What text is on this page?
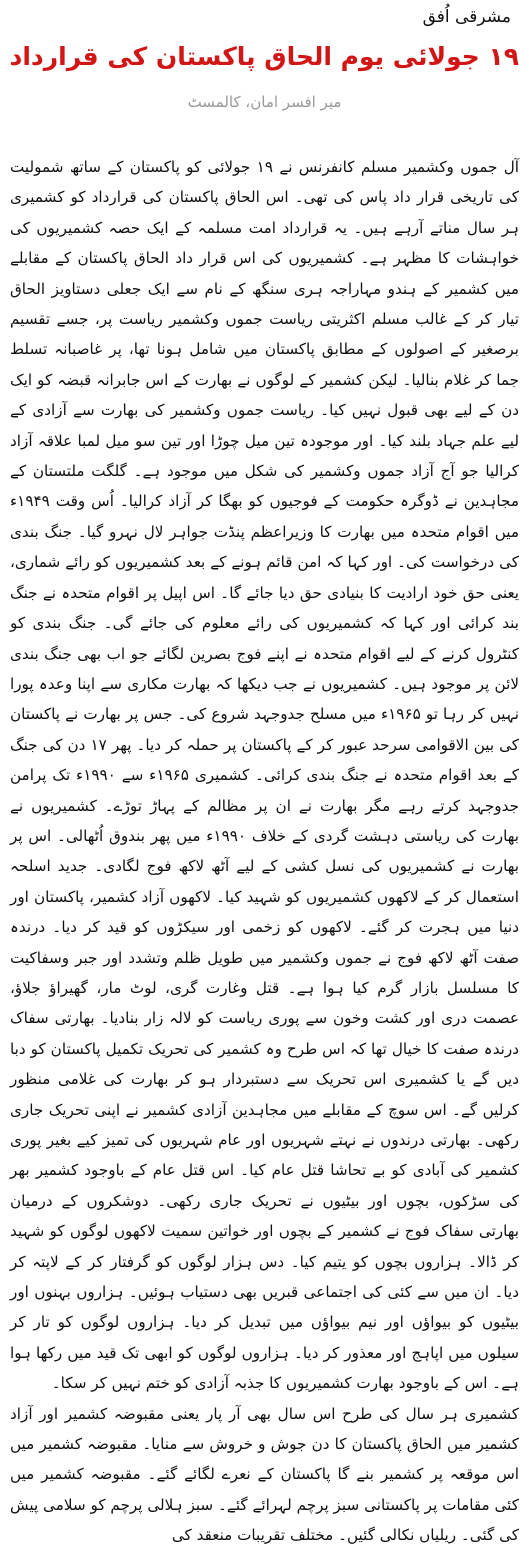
مشرقی اُفق
۱۹ جولائی یوم الحاق پاکستان کی قرارداد
میر افسر امان، کالمسٹ

آل جموں وکشمیر مسلم کانفرنس نے ۱۹ جولائی کو پاکستان کے ساتھ شمولیت کی تاریخی قرار داد پاس کی تھی۔ اس الحاق پاکستان کی قرارداد کو کشمیری ہر سال مناتے آرہے ہیں۔ یہ قرارداد امت مسلمہ کے ایک حصہ کشمیریوں کی خواہشات کا مظہر ہے۔ کشمیریوں کی اس قرار داد الحاق پاکستان کے مقابلے میں کشمیر کے ہندو مہاراجہ ہری سنگھ کے نام سے ایک جعلی دستاویز الحاق تیار کر کے غالب مسلم اکثریتی ریاست جموں وکشمیر ریاست پر، جسے تقسیم برصغیر کے اصولوں کے مطابق پاکستان میں شامل ہونا تھا، پر غاصبانہ تسلط جما کر غلام بنالیا۔ لیکن کشمیر کے لوگوں نے بھارت کے اس جابرانہ قبضہ کو ایک دن کے لیے بھی قبول نہیں کیا۔ ریاست جموں وکشمیر کی بھارت سے آزادی کے لیے علم جہاد بلند کیا۔ اور موجودہ تین میل چوڑا اور تین سو میل لمبا علاقہ آزاد کرالیا جو آج آزاد جموں وکشمیر کی شکل میں موجود ہے۔ گلگت ملتستان کے مجاہدین نے ڈوگرہ حکومت کے فوجیوں کو بھگا کر آزاد کرالیا۔ اُس وقت ۱۹۴۹ء میں اقوام متحدہ میں بھارت کا وزیراعظم پنڈت جواہر لال نہرو گیا۔ جنگ بندی کی درخواست کی۔ اور کہا کہ امن قائم ہونے کے بعد کشمیریوں کو رائے شماری، یعنی حق خود ارادیت کا بنیادی حق دیا جائے گا۔ اس اپیل پر اقوام متحدہ نے جنگ بند کرائی اور کہا کہ کشمیریوں کی رائے معلوم کی جائے گی۔ جنگ بندی کو کنٹرول کرنے کے لیے اقوام متحدہ نے اپنے فوج بصرین لگائے جو اب بھی جنگ بندی لائن پر موجود ہیں۔ کشمیریوں نے جب دیکھا کہ بھارت مکاری سے اپنا وعدہ پورا نہیں کر رہا تو ۱۹۶۵ء میں مسلح جدوجہد شروع کی۔ جس پر بھارت نے پاکستان کی بین الاقوامی سرحد عبور کر کے پاکستان پر حملہ کر دیا۔ پھر ۱۷ دن کی جنگ کے بعد اقوام متحدہ نے جنگ بندی کرائی۔ کشمیری ۱۹۶۵ء سے ۱۹۹۰ء تک پرامن جدوجہد کرتے رہے مگر بھارت نے ان پر مظالم کے پہاڑ توڑے۔ کشمیریوں نے بھارت کی ریاستی دہشت گردی کے خلاف ۱۹۹۰ء میں پھر بندوق اُٹھالی۔ اس پر بھارت نے کشمیریوں کی نسل کشی کے لیے آٹھ لاکھ فوج لگادی۔ جدید اسلحہ استعمال کر کے لاکھوں کشمیریوں کو شہید کیا۔ لاکھوں آزاد کشمیر، پاکستان اور دنیا میں ہجرت کر گئے۔ لاکھوں کو زخمی اور سیکڑوں کو قید کر دیا۔ درندہ صفت آٹھ لاکھ فوج نے جموں وکشمیر میں طویل ظلم وتشدد اور جبر وسفاکیت کا مسلسل بازار گرم کیا ہوا ہے۔ قتل وغارت گری، لوٹ مار، گھیراؤ جلاؤ، عصمت دری اور کشت وخون سے پوری ریاست کو لالہ زار بنادیا۔ بھارتی سفاک درندہ صفت کا خیال تھا کہ اس طرح وہ کشمیر کی تحریک تکمیل پاکستان کو دبا دیں گے یا کشمیری اس تحریک سے دستبردار ہو کر بھارت کی غلامی منظور کرلیں گے۔ اس سوچ کے مقابلے میں مجاہدین آزادی کشمیر نے اپنی تحریک جاری رکھی۔ بھارتی درندوں نے نہتے شہریوں اور عام شہریوں کی تمیز کیے بغیر پوری کشمیر کی آبادی کو بے تحاشا قتل عام کیا۔ اس قتل عام کے باوجود کشمیر بھر کی سڑکوں، بچوں اور بیٹیوں نے تحریک جاری رکھی۔ دوشکروں کے درمیان بھارتی سفاک فوج نے کشمیر کے بچوں اور خواتین سمیت لاکھوں لوگوں کو شہید کر ڈالا۔ ہزاروں بچوں کو یتیم کیا۔ دس ہزار لوگوں کو گرفتار کر کے لاپتہ کر دیا۔ ان میں سے کئی کی اجتماعی قبریں بھی دستیاب ہوئیں۔ ہزاروں بہنوں اور بیٹیوں کو بیواؤں اور نیم بیواؤں میں تبدیل کر دیا۔ ہزاروں لوگوں کو تار کر سیلوں میں اپاہج اور معذور کر دیا۔ ہزاروں لوگوں کو ابھی تک قید میں رکھا ہوا ہے۔ اس کے باوجود بھارت کشمیریوں کا جذبہ آزادی کو ختم نہیں کر سکا۔

کشمیری ہر سال کی طرح اس سال بھی آر پار یعنی مقبوضہ کشمیر اور آزاد کشمیر میں الحاق پاکستان کا دن جوش و خروش سے منایا۔ مقبوضہ کشمیر میں اس موقعہ پر کشمیر بنے گا پاکستان کے نعرے لگائے گئے۔ مقبوضہ کشمیر میں کئی مقامات پر پاکستانی سبز پرچم لہرائے گئے۔ سبز ہلالی پرچم کو سلامی پیش کی گئی۔ ریلیاں نکالی گئیں۔ مختلف تقریبات منعقد کی
